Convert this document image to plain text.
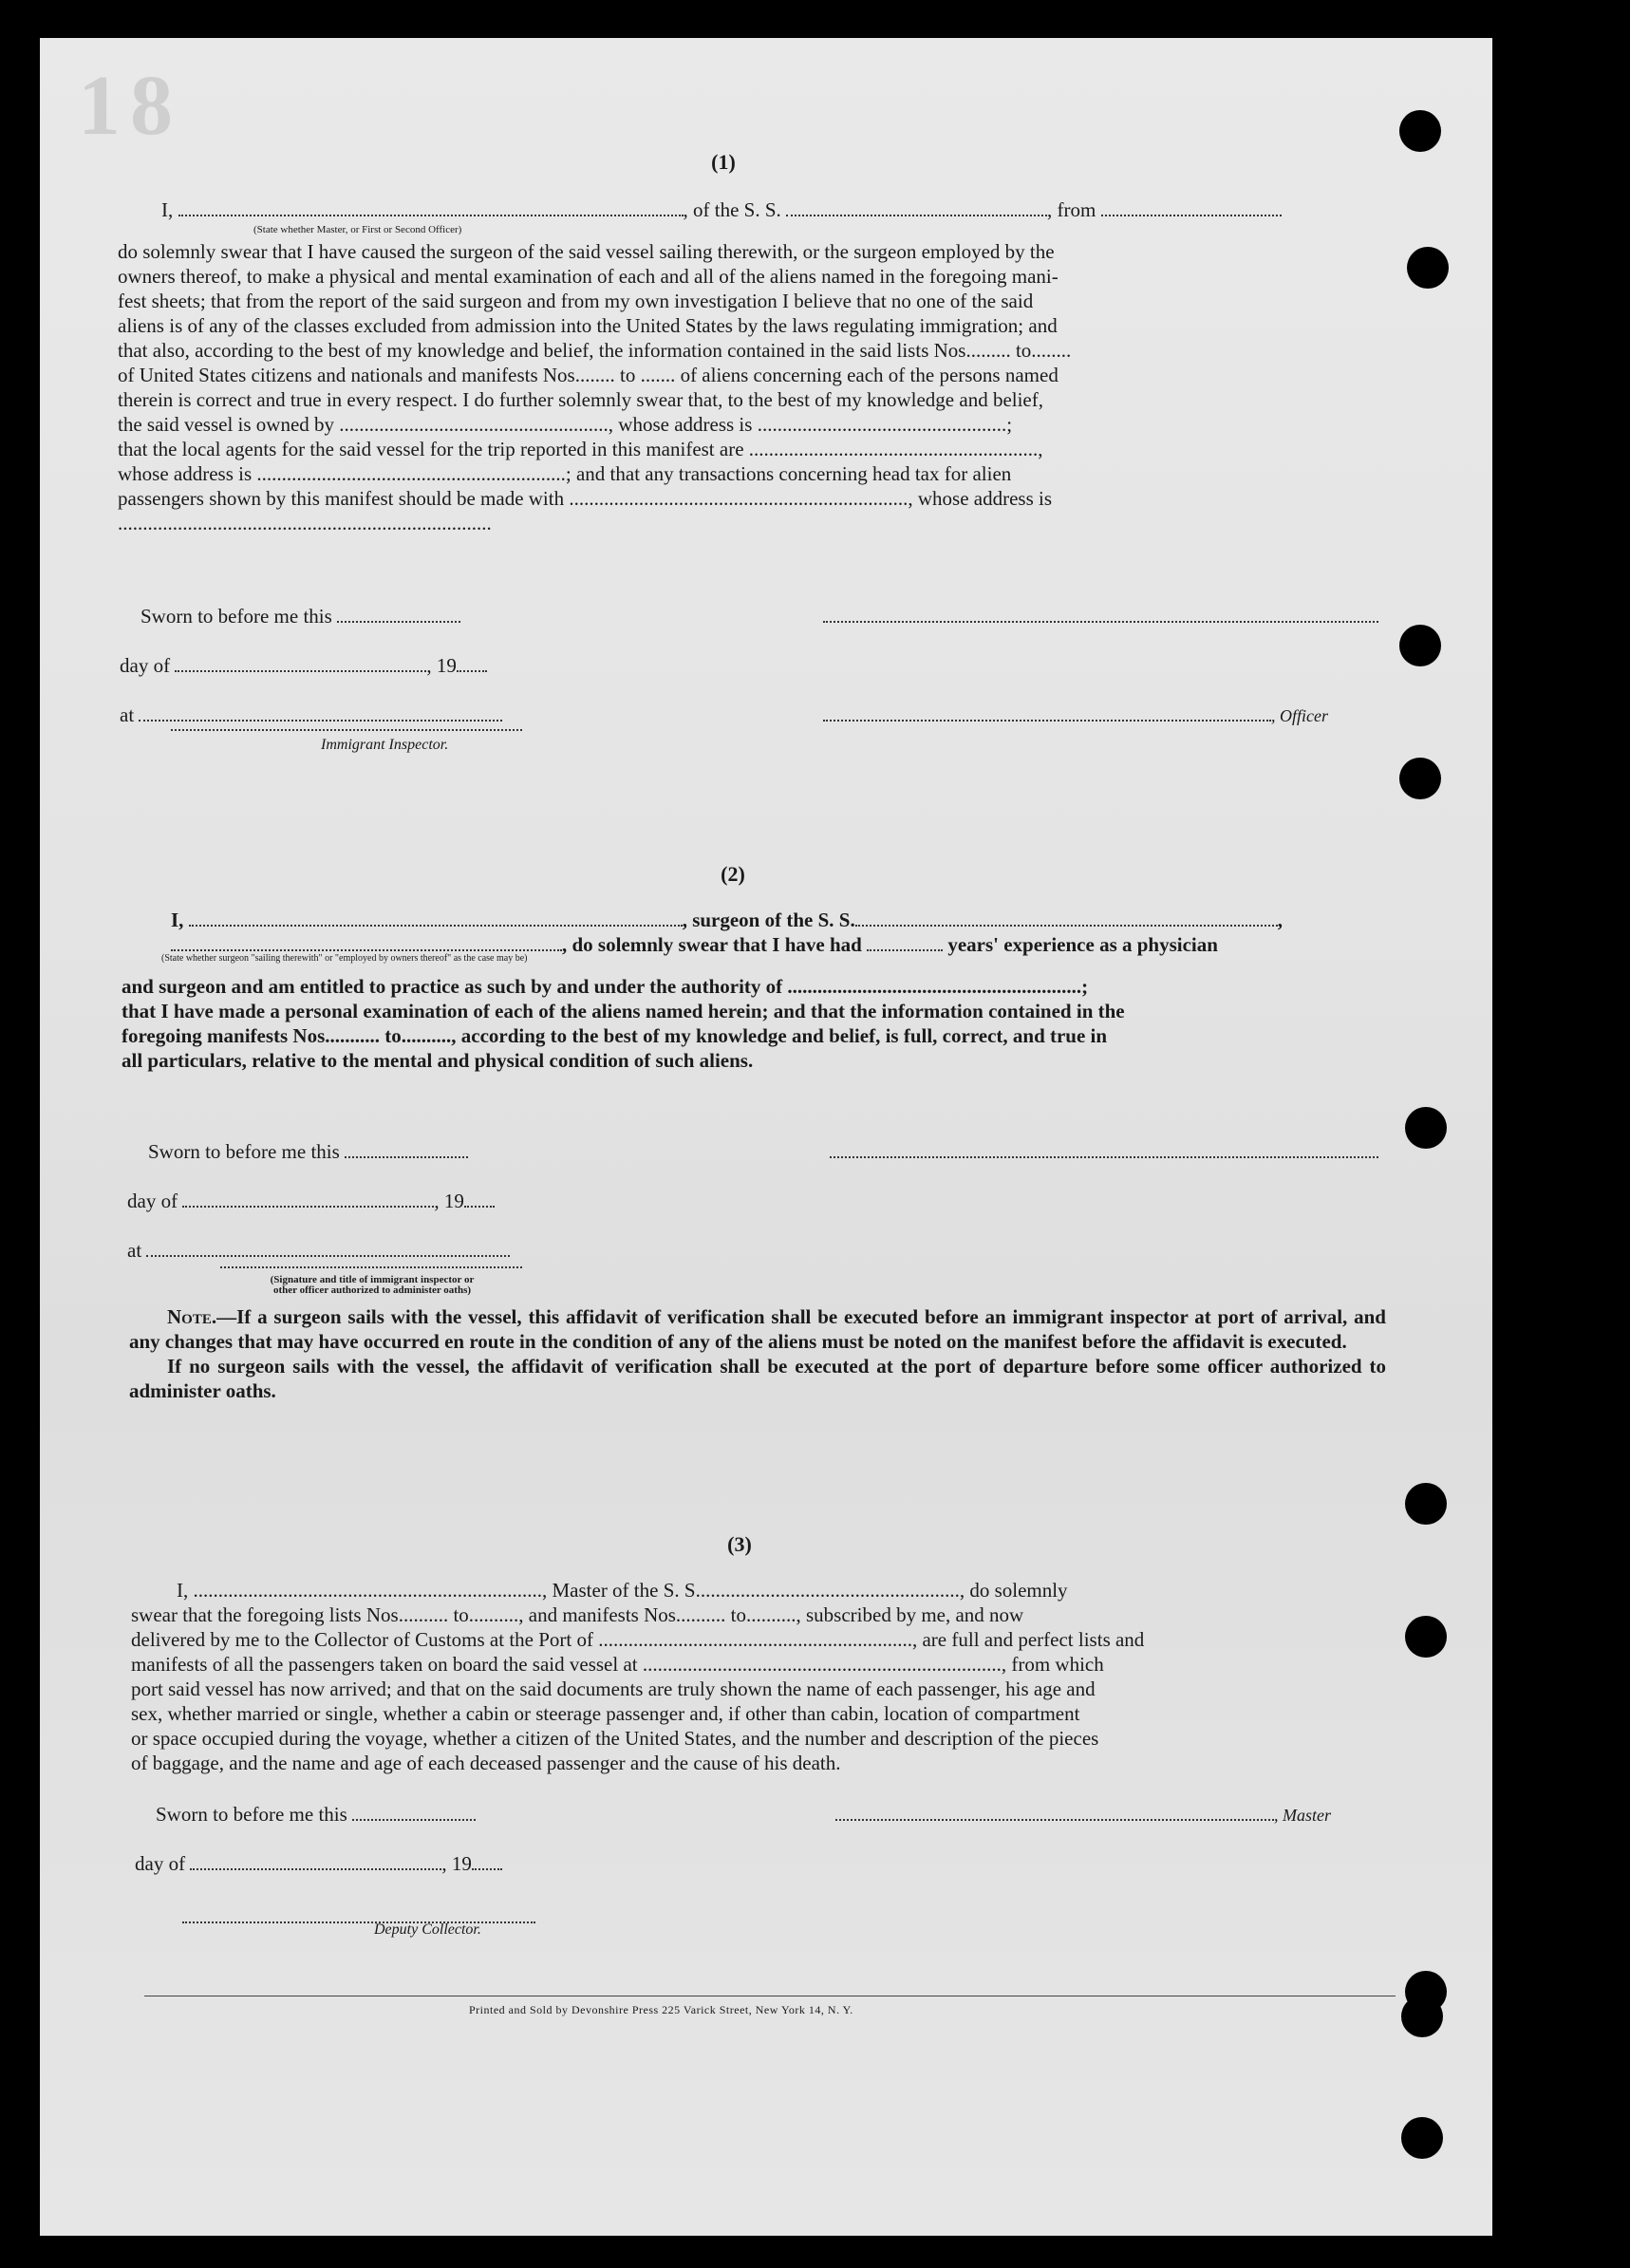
18
(1)
I,	, of the S. S.	, from
(State whether Master, or First or Second Officer)

do solemnly swear that I have caused the surgeon of the said vessel sailing therewith, or the surgeon employed by the

owners thereof, to make a physical and mental examination of each and all of the aliens named in the foregoing mani-

fest sheets; that from the report of the said surgeon and from my own investigation I believe that no one of the said

aliens is of any of the classes excluded from admission into the United States by the laws regulating immigration; and

that also, according to the best of my knowledge and belief, the information contained in the said lists Nos......... to........

of United States citizens and nationals and manifests Nos........ to ....... of aliens concerning each of the persons named

therein is correct and true in every respect. I do further solemnly swear that, to the best of my knowledge and belief,

the said vessel is owned by ......................................................, whose address is ..................................................;

that the local agents for the said vessel for the trip reported in this manifest are ..........................................................,

whose address is ..............................................................; and that any transactions concerning head tax for alien

passengers shown by this manifest should be made with ...................................................................., whose address is

...........................................................................

Sworn to before me this
day of	, 19
at	, Officer
Immigrant Inspector.
(2)
I,	, surgeon of the S. S.	,
, do solemnly swear that I have had	years' experience as a physician
(State whether surgeon "sailing therewith" or "employed by owners thereof" as the case may be)

and surgeon and am entitled to practice as such by and under the authority of ...........................................................;

that I have made a personal examination of each of the aliens named herein; and that the information contained in the

foregoing manifests Nos........... to.........., according to the best of my knowledge and belief, is full, correct, and true in

all particulars, relative to the mental and physical condition of such aliens.

Sworn to before me this
day of	, 19
at
(Signature and title of immigrant inspector or
other officer authorized to administer oaths)

Note.—If a surgeon sails with the vessel, this affidavit of verification shall be executed before an immigrant inspector at port of arrival, and any changes that may have occurred en route in the condition of any of the aliens must be noted on the manifest before the affidavit is executed.

If no surgeon sails with the vessel, the affidavit of verification shall be executed at the port of departure before some officer authorized to administer oaths.

(3)

I, ......................................................................, Master of the S. S....................................................., do solemnly

swear that the foregoing lists Nos.......... to.........., and manifests Nos.......... to.........., subscribed by me, and now

delivered by me to the Collector of Customs at the Port of ..............................................................., are full and perfect lists and

manifests of all the passengers taken on board the said vessel at ........................................................................, from which

port said vessel has now arrived; and that on the said documents are truly shown the name of each passenger, his age and

sex, whether married or single, whether a cabin or steerage passenger and, if other than cabin, location of compartment

or space occupied during the voyage, whether a citizen of the United States, and the number and description of the pieces

of baggage, and the name and age of each deceased passenger and the cause of his death.

Sworn to before me this	, Master
day of	, 19
Deputy Collector.
Printed and Sold by Devonshire Press 225 Varick Street, New York 14, N. Y.
